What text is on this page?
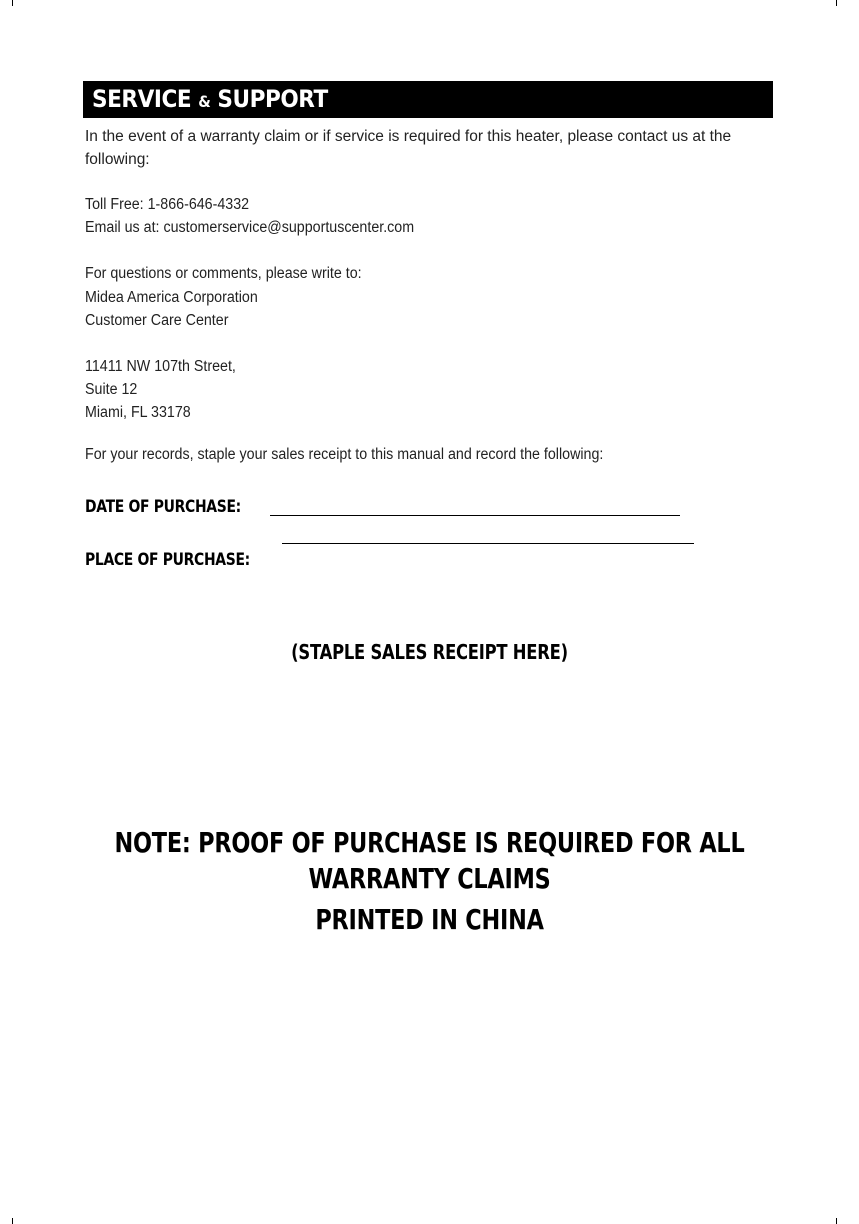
SERVICE & SUPPORT
In the event of a warranty claim or if service is required for this heater, please contact us at the following:
Toll Free: 1-866-646-4332
Email us at: customerservice@supportuscenter.com
For questions or comments, please write to:
Midea America Corporation
Customer Care Center
11411 NW 107th Street,
Suite 12
Miami, FL 33178
For your records, staple your sales receipt to this manual and record the following:
DATE OF PURCHASE:
PLACE OF PURCHASE:
(STAPLE SALES RECEIPT HERE)
NOTE: PROOF OF PURCHASE IS REQUIRED FOR ALL
WARRANTY CLAIMS
PRINTED IN CHINA
